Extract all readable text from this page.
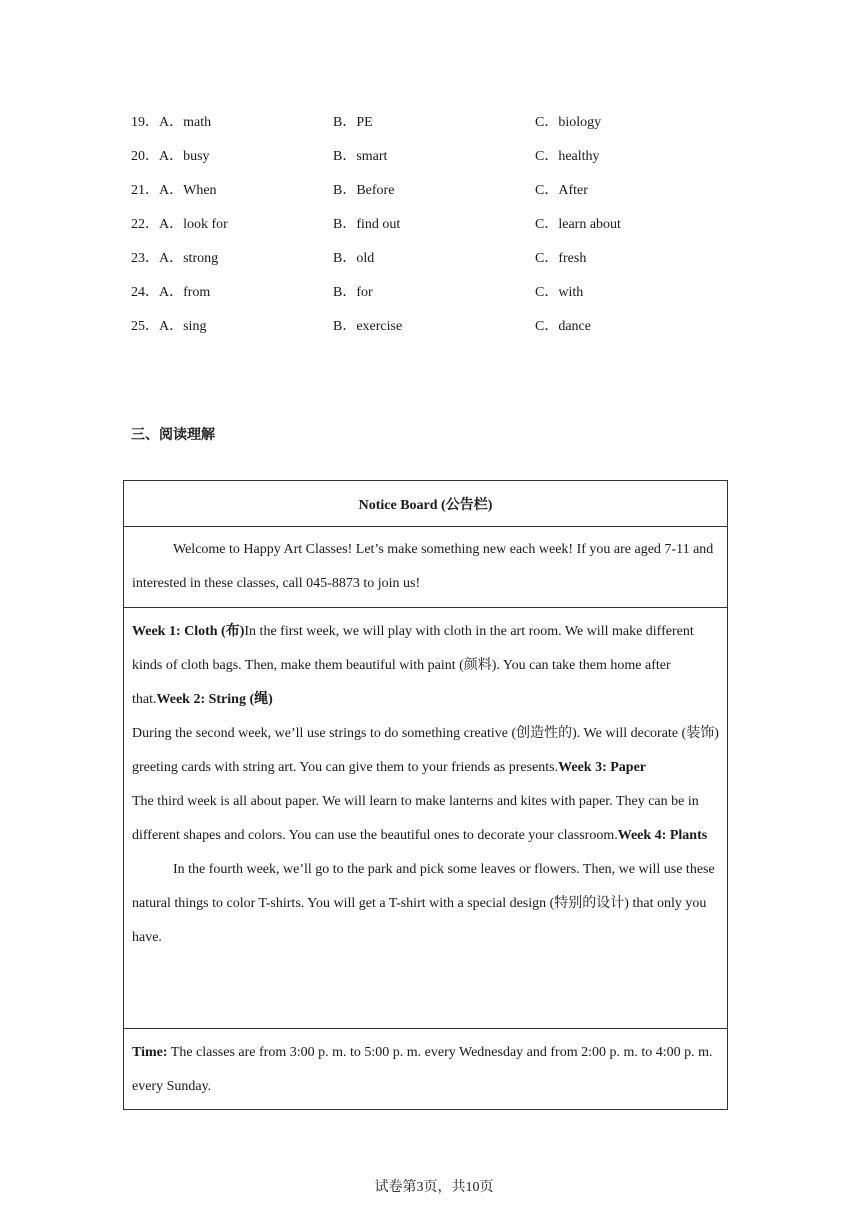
19．A．math	B．PE	C．biology
20．A．busy	B．smart	C．healthy
21．A．When	B．Before	C．After
22．A．look for	B．find out	C．learn about
23．A．strong	B．old	C．fresh
24．A．from	B．for	C．with
25．A．sing	B．exercise	C．dance
三、阅读理解
Notice Board (公告栏)

Welcome to Happy Art Classes! Let’s make something new each week! If you are aged 7-11 and interested in these classes, call 045-8873 to join us!

Week 1: Cloth (布)In the first week, we will play with cloth in the art room. We will make different kinds of cloth bags. Then, make them beautiful with paint (颜料). You can take them home after that.Week 2: String (绳)

During the second week, we’ll use strings to do something creative (创造性的). We will decorate (装饰) greeting cards with string art. You can give them to your friends as presents.Week 3: Paper

The third week is all about paper. We will learn to make lanterns and kites with paper. They can be in different shapes and colors. You can use the beautiful ones to decorate your classroom.Week 4: Plants

In the fourth week, we’ll go to the park and pick some leaves or flowers. Then, we will use these natural things to color T-shirts. You will get a T-shirt with a special design (特别的设计) that only you have.

Time: The classes are from 3:00 p. m. to 5:00 p. m. every Wednesday and from 2:00 p. m. to 4:00 p. m. every Sunday.

试卷第3页，共10页
